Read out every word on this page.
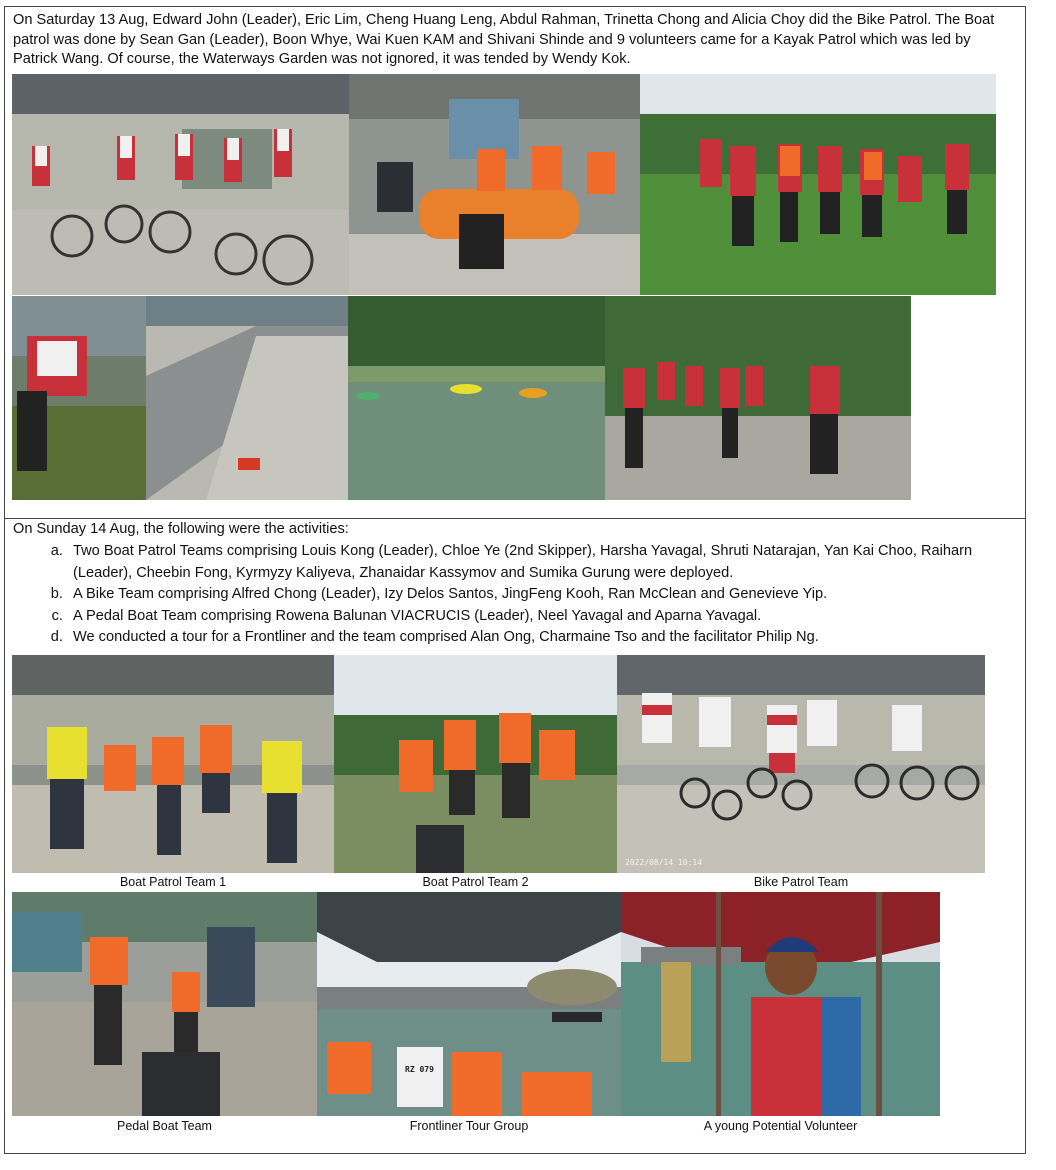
On Saturday 13 Aug, Edward John (Leader), Eric Lim, Cheng Huang Leng, Abdul Rahman, Trinetta Chong and Alicia Choy did the Bike Patrol. The Boat patrol was done by Sean Gan (Leader), Boon Whye, Wai Kuen KAM and Shivani Shinde and 9 volunteers came for a Kayak Patrol which was led by Patrick Wang. Of course, the Waterways Garden was not ignored, it was tended by Wendy Kok.

On Sunday 14 Aug, the following were the activities:

a. Two Boat Patrol Teams comprising Louis Kong (Leader), Chloe Ye (2nd Skipper), Harsha Yavagal, Shruti Natarajan, Yan Kai Choo, Raiharn (Leader), Cheebin Fong, Kyrmyzy Kaliyeva, Zhanaidar Kassymov and Sumika Gurung were deployed.
b. A Bike Team comprising Alfred Chong (Leader), Izy Delos Santos, JingFeng Kooh, Ran McClean and Genevieve Yip.
c. A Pedal Boat Team comprising Rowena Balunan VIACRUCIS (Leader), Neel Yavagal and Aparna Yavagal.
d. We conducted a tour for a Frontliner and the team comprised Alan Ong, Charmaine Tso and the facilitator Philip Ng.
2022/08/14 10:14
Boat Patrol Team 1	Boat Patrol Team 2	Bike Patrol Team
RZ 079
Pedal Boat Team	Frontliner Tour Group	A young Potential Volunteer
